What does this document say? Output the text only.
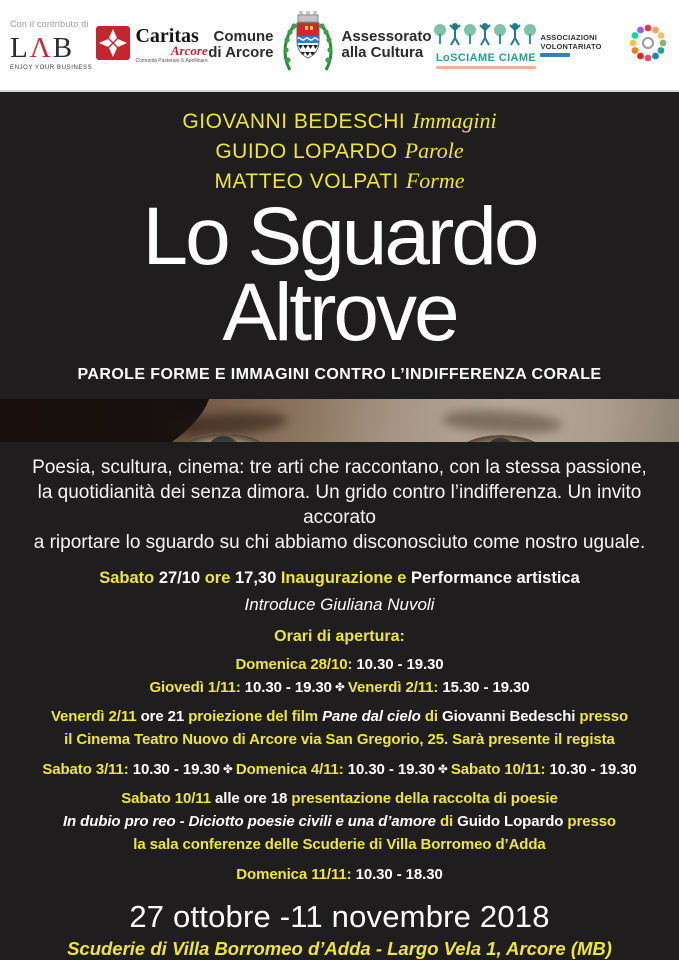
Con il contributo di
LΛB
ENJOY YOUR BUSINESS
Caritas
Arcore
Comunità Pastorale S.Apollinare
Comune
di Arcore
Assessorato
alla Cultura	LoSCIAME CIAME
ASSOCIAZIONI VOLONTARIATO
GIOVANNI BEDESCHI Immagini
GUIDO LOPARDO Parole
MATTEO VOLPATI Forme
Lo Sguardo
Altrove
PAROLE FORME E IMMAGINI CONTRO L’INDIFFERENZA CORALE
Poesia, scultura, cinema: tre arti che raccontano, con la stessa passione,
la quotidianità dei senza dimora. Un grido contro l’indifferenza. Un invito accorato
a riportare lo sguardo su chi abbiamo disconosciuto come nostro uguale.
Sabato 27/10 ore 17,30 Inaugurazione e Performance artistica
Introduce Giuliana Nuvoli
Orari di apertura:
Domenica 28/10: 10.30 - 19.30
Giovedì 1/11: 10.30 - 19.30 ✤ Venerdì 2/11: 15.30 - 19.30
Venerdì 2/11 ore 21 proiezione del film Pane dal cielo di Giovanni Bedeschi presso
il Cinema Teatro Nuovo di Arcore via San Gregorio, 25. Sarà presente il regista
Sabato 3/11: 10.30 - 19.30 ✤ Domenica 4/11: 10.30 - 19.30 ✤ Sabato 10/11: 10.30 - 19.30
Sabato 10/11 alle ore 18 presentazione della raccolta di poesie
In dubio pro reo - Diciotto poesie civili e una d’amore di Guido Lopardo presso
la sala conferenze delle Scuderie di Villa Borromeo d’Adda
Domenica 11/11: 10.30 - 18.30
27 ottobre -11 novembre 2018
Scuderie di Villa Borromeo d’Adda - Largo Vela 1, Arcore (MB)
